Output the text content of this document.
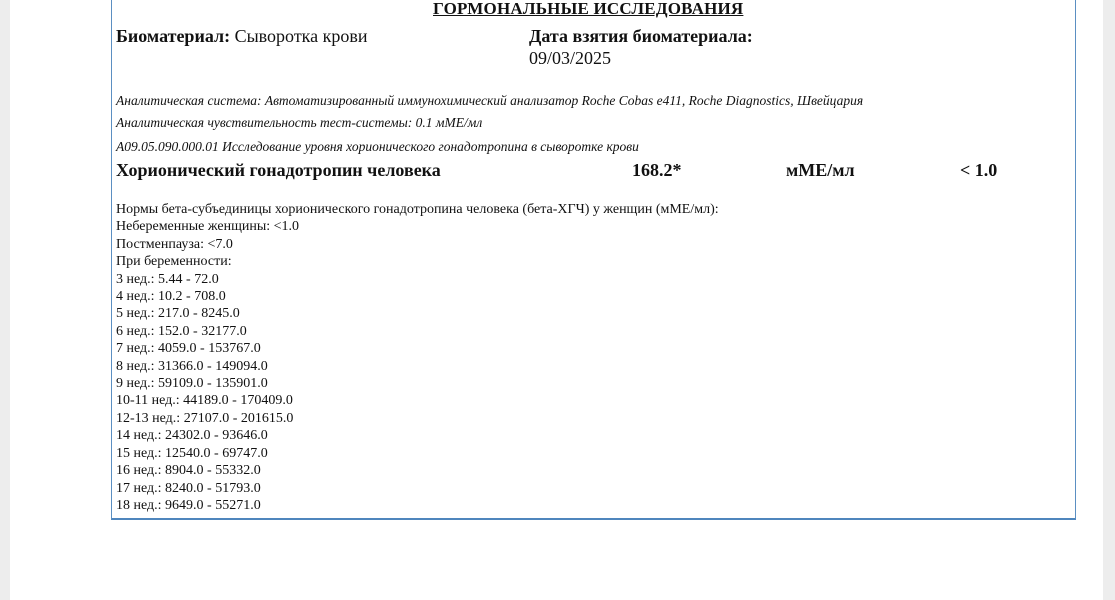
ГОРМОНАЛЬНЫЕ ИССЛЕДОВАНИЯ
Биоматериал: Сыворотка крови	Дата взятия биоматериала:
09/03/2025
Аналитическая система: Автоматизированный иммунохимический анализатор Roche Cobas e411, Roche Diagnostics, Швейцария
Аналитическая чувствительность тест-системы: 0.1 мМЕ/мл
A09.05.090.000.01 Исследование уровня хорионического гонадотропина в сыворотке крови
Хорионический гонадотропин человека	168.2*	мМЕ/мл	< 1.0
Нормы бета-субъединицы хорионического гонадотропина человека (бета-ХГЧ) у женщин (мМЕ/мл):
Небеременные женщины: <1.0
Постменпауза: <7.0
При беременности:
3 нед.: 5.44 - 72.0
4 нед.: 10.2 - 708.0
5 нед.: 217.0 - 8245.0
6 нед.: 152.0 - 32177.0
7 нед.: 4059.0 - 153767.0
8 нед.: 31366.0 - 149094.0
9 нед.: 59109.0 - 135901.0
10-11 нед.: 44189.0 - 170409.0
12-13 нед.: 27107.0 - 201615.0
14 нед.: 24302.0 - 93646.0
15 нед.: 12540.0 - 69747.0
16 нед.: 8904.0 - 55332.0
17 нед.: 8240.0 - 51793.0
18 нед.: 9649.0 - 55271.0
